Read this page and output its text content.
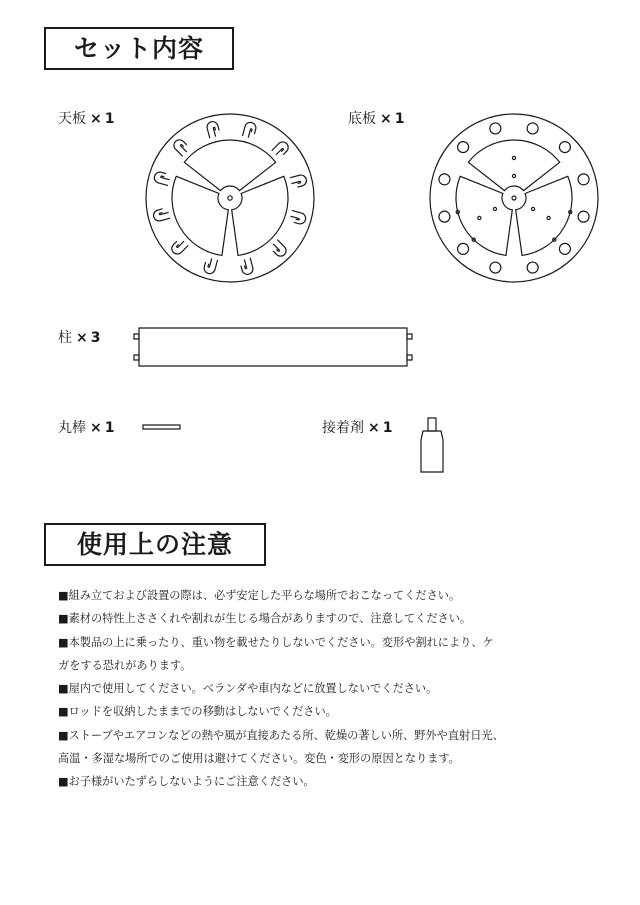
セット内容
天板 × 1	底板 × 1
柱 × 3
丸棒 × 1	接着剤 × 1
使用上の注意
■組み立ておよび設置の際は、必ず安定した平らな場所でおこなってください。
■素材の特性上ささくれや割れが生じる場合がありますので、注意してください。
■本製品の上に乗ったり、重い物を載せたりしないでください。変形や割れにより、ケ
ガをする恐れがあります。
■屋内で使用してください。ベランダや車内などに放置しないでください。
■ロッドを収納したままでの移動はしないでください。
■ストーブやエアコンなどの熱や風が直接あたる所、乾燥の著しい所、野外や直射日光、
高温・多湿な場所でのご使用は避けてください。変色・変形の原因となります。
■お子様がいたずらしないようにご注意ください。
